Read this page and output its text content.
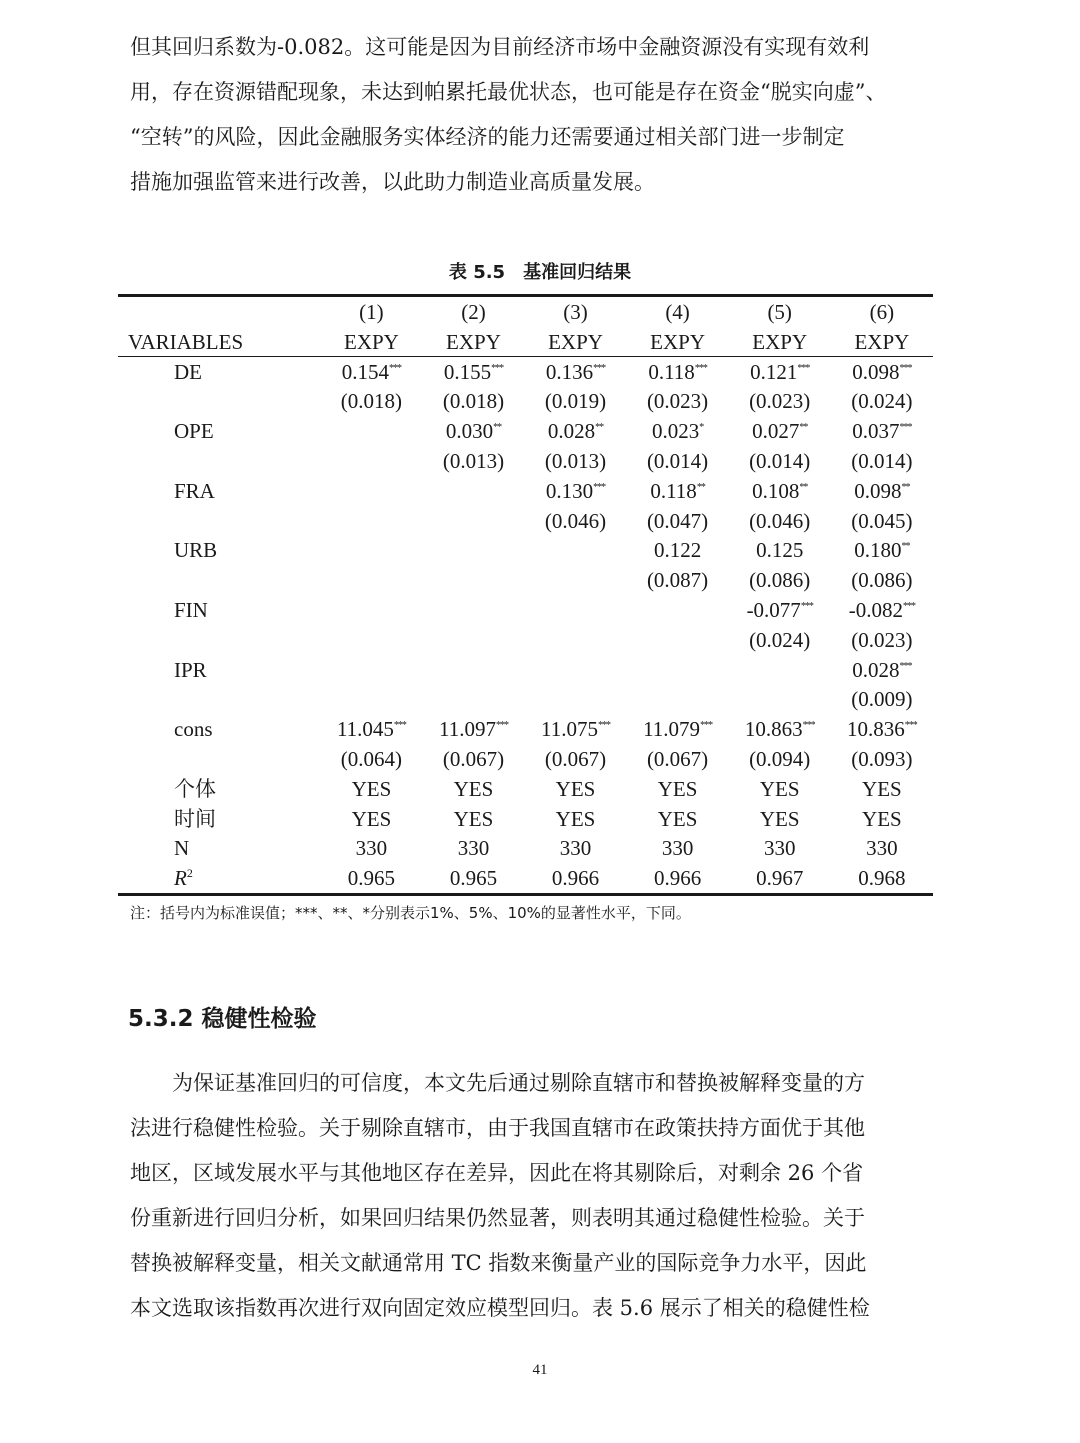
但其回归系数为-0.082。这可能是因为目前经济市场中金融资源没有实现有效利
用，存在资源错配现象，未达到帕累托最优状态，也可能是存在资金“脱实向虚”、
“空转”的风险，因此金融服务实体经济的能力还需要通过相关部门进一步制定
措施加强监管来进行改善，以此助力制造业高质量发展。
表 5.5　基准回归结果
	(1)	(2)	(3)	(4)	(5)	(6)
VARIABLES	EXPY	EXPY	EXPY	EXPY	EXPY	EXPY
DE	0.154***	0.155***	0.136***	0.118***	0.121***	0.098***
	(0.018)	(0.018)	(0.019)	(0.023)	(0.023)	(0.024)
OPE		0.030**	0.028**	0.023*	0.027**	0.037***
		(0.013)	(0.013)	(0.014)	(0.014)	(0.014)
FRA			0.130***	0.118**	0.108**	0.098**
			(0.046)	(0.047)	(0.046)	(0.045)
URB				0.122	0.125	0.180**
				(0.087)	(0.086)	(0.086)
FIN					-0.077***	-0.082***
					(0.024)	(0.023)
IPR						0.028***
						(0.009)
cons	11.045***	11.097***	11.075***	11.079***	10.863***	10.836***
	(0.064)	(0.067)	(0.067)	(0.067)	(0.094)	(0.093)
个体	YES	YES	YES	YES	YES	YES
时间	YES	YES	YES	YES	YES	YES
N	330	330	330	330	330	330
$R^2$	0.965	0.965	0.966	0.966	0.967	0.968
注：括号内为标准误值；***、**、*分别表示1%、5%、10%的显著性水平，下同。
5.3.2 稳健性检验
　　为保证基准回归的可信度，本文先后通过剔除直辖市和替换被解释变量的方
法进行稳健性检验。关于剔除直辖市，由于我国直辖市在政策扶持方面优于其他
地区，区域发展水平与其他地区存在差异，因此在将其剔除后，对剩余 26 个省
份重新进行回归分析，如果回归结果仍然显著，则表明其通过稳健性检验。关于
替换被解释变量，相关文献通常用 TC 指数来衡量产业的国际竞争力水平，因此
本文选取该指数再次进行双向固定效应模型回归。表 5.6 展示了相关的稳健性检
41
